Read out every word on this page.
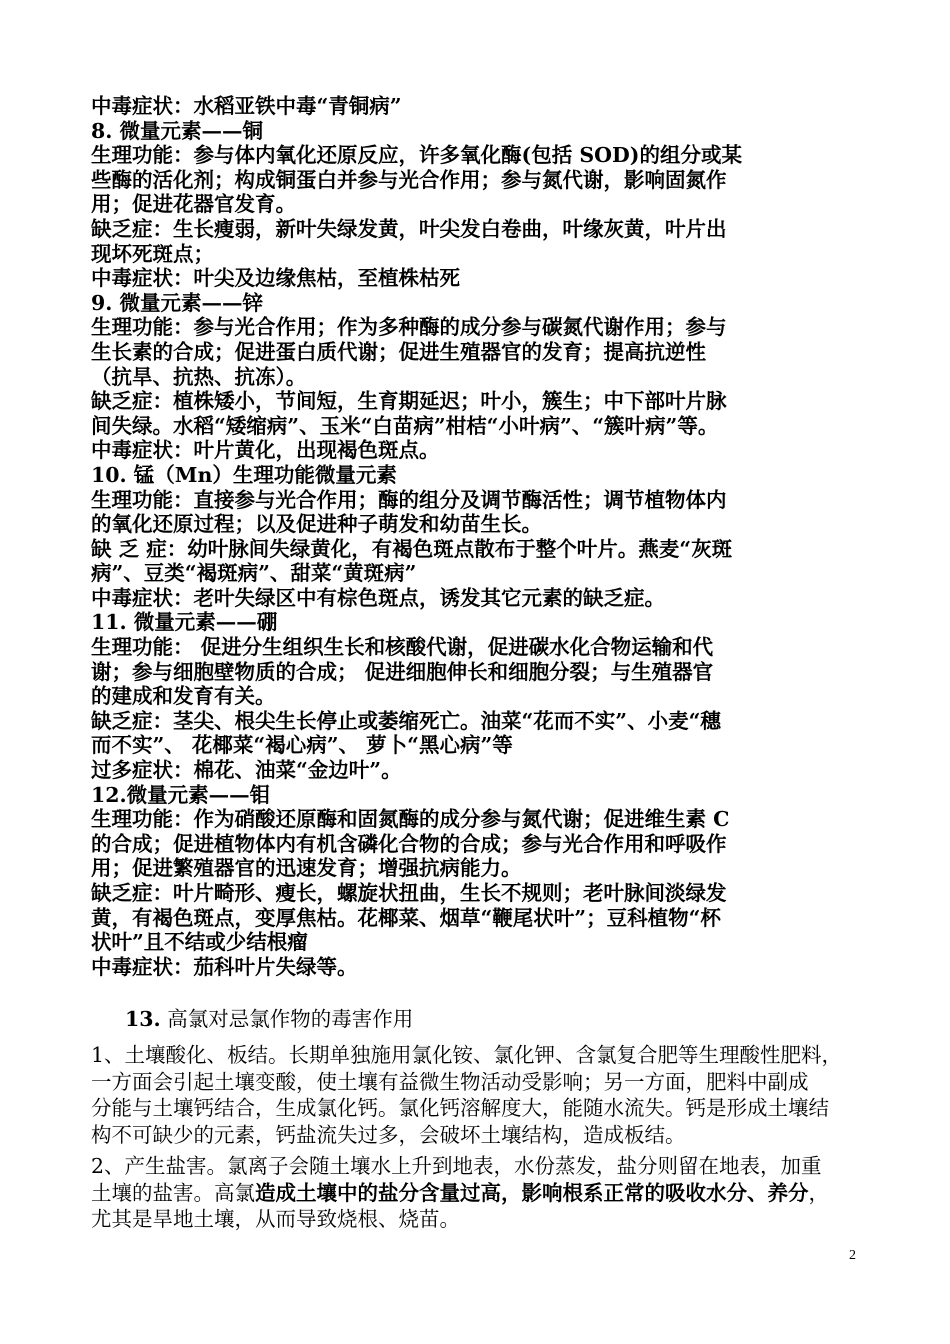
中毒症状：水稻亚铁中毒“青铜病”
8. 微量元素——铜
生理功能：参与体内氧化还原反应，许多氧化酶(包括 SOD)的组分或某
些酶的活化剂；构成铜蛋白并参与光合作用；参与氮代谢，影响固氮作
用；促进花器官发育。
缺乏症：生长瘦弱，新叶失绿发黄，叶尖发白卷曲，叶缘灰黄，叶片出
现坏死斑点；
中毒症状：叶尖及边缘焦枯，至植株枯死
9. 微量元素——锌
生理功能：参与光合作用；作为多种酶的成分参与碳氮代谢作用；参与
生长素的合成；促进蛋白质代谢；促进生殖器官的发育；提高抗逆性
（抗旱、抗热、抗冻）。
缺乏症：植株矮小，节间短，生育期延迟；叶小，簇生；中下部叶片脉
间失绿。水稻“矮缩病”、玉米“白苗病”柑桔“小叶病”、“簇叶病”等。
中毒症状：叶片黄化，出现褐色斑点。
10. 锰（Mn）生理功能微量元素
生理功能：直接参与光合作用；酶的组分及调节酶活性；调节植物体内
的氧化还原过程；以及促进种子萌发和幼苗生长。
缺 乏 症：幼叶脉间失绿黄化，有褐色斑点散布于整个叶片。燕麦“灰斑
病”、豆类“褐斑病”、甜菜“黄斑病”
中毒症状：老叶失绿区中有棕色斑点，诱发其它元素的缺乏症。
11. 微量元素——硼
生理功能： 促进分生组织生长和核酸代谢，促进碳水化合物运输和代
谢；参与细胞壁物质的合成； 促进细胞伸长和细胞分裂；与生殖器官
的建成和发育有关。
缺乏症：茎尖、根尖生长停止或萎缩死亡。油菜“花而不实”、小麦“穗
而不实”、 花椰菜“褐心病”、 萝卜“黑心病”等
过多症状：棉花、油菜“金边叶”。
12.微量元素——钼
生理功能：作为硝酸还原酶和固氮酶的成分参与氮代谢；促进维生素 C
的合成；促进植物体内有机含磷化合物的合成；参与光合作用和呼吸作
用；促进繁殖器官的迅速发育；增强抗病能力。
缺乏症：叶片畸形、瘦长，螺旋状扭曲，生长不规则；老叶脉间淡绿发
黄，有褐色斑点，变厚焦枯。花椰菜、烟草“鞭尾状叶”；豆科植物“杯
状叶”且不结或少结根瘤
中毒症状：茄科叶片失绿等。
13. 高氯对忌氯作物的毒害作用
1、土壤酸化、板结。长期单独施用氯化铵、氯化钾、含氯复合肥等生理酸性肥料，
一方面会引起土壤变酸，使土壤有益微生物活动受影响；另一方面，肥料中副成
分能与土壤钙结合，生成氯化钙。氯化钙溶解度大，能随水流失。钙是形成土壤结
构不可缺少的元素，钙盐流失过多，会破坏土壤结构，造成板结。
2、产生盐害。氯离子会随土壤水上升到地表，水份蒸发，盐分则留在地表，加重
土壤的盐害。高氯造成土壤中的盐分含量过高，影响根系正常的吸收水分、养分，
尤其是旱地土壤，从而导致烧根、烧苗。
2
